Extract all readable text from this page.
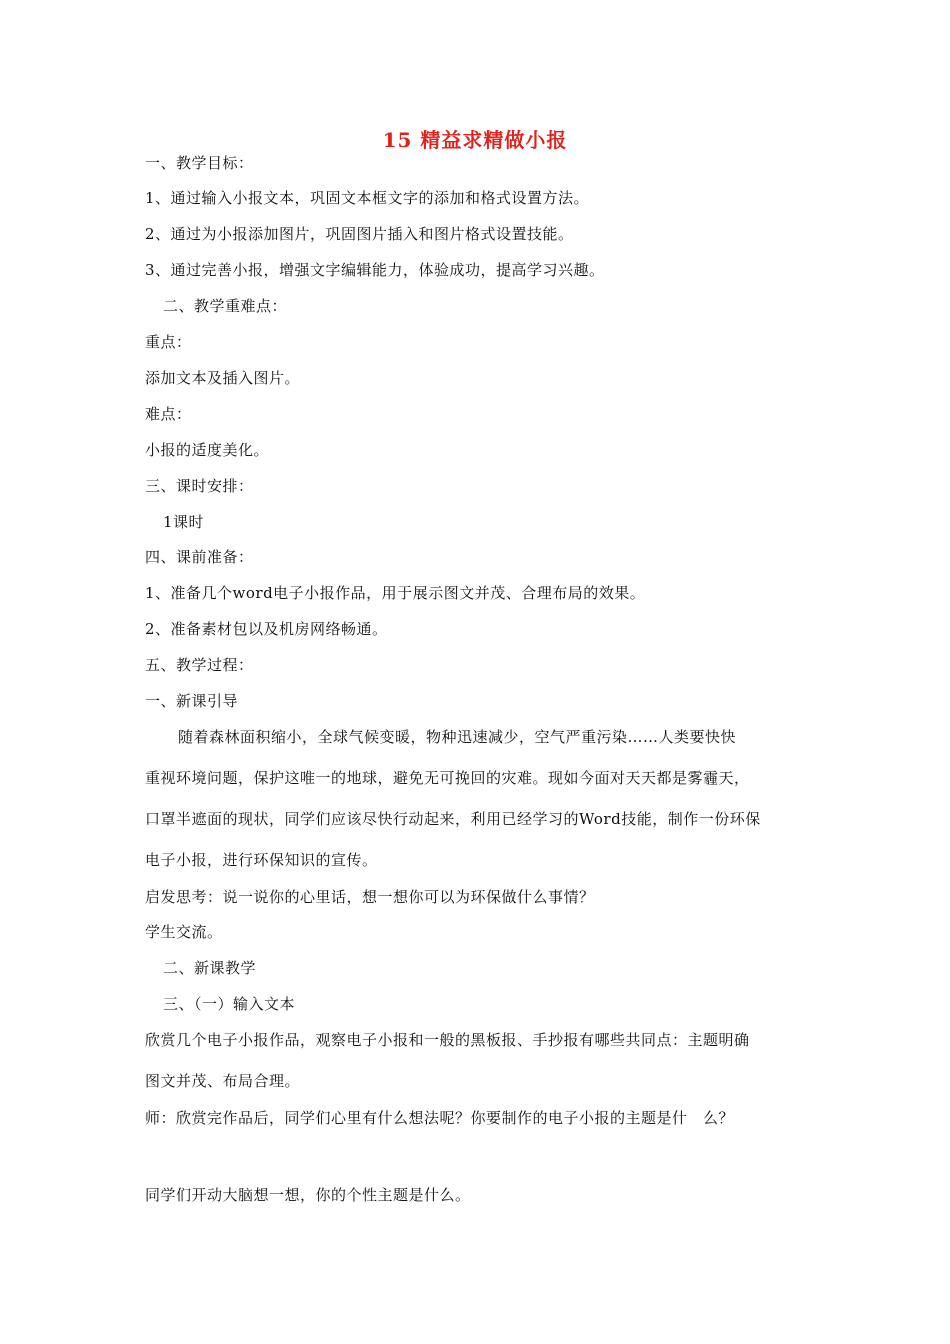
15 精益求精做小报
一、教学目标：
1、通过输入小报文本，巩固文本框文字的添加和格式设置方法。
2、通过为小报添加图片，巩固图片插入和图片格式设置技能。
3、通过完善小报，增强文字编辑能力，体验成功，提高学习兴趣。
二、教学重难点：
重点：
添加文本及插入图片。
难点：
小报的适度美化。
三、课时安排：
1课时
四、课前准备：
1、准备几个word电子小报作品，用于展示图文并茂、合理布局的效果。
2、准备素材包以及机房网络畅通。
五、教学过程：
一、新课引导
随着森林面积缩小，全球气候变暖，物种迅速减少，空气严重污染……人类要快快
重视环境问题，保护这唯一的地球，避免无可挽回的灾难。现如今面对天天都是雾霾天，
口罩半遮面的现状，同学们应该尽快行动起来，利用已经学习的Word技能，制作一份环保
电子小报，进行环保知识的宣传。
启发思考：说一说你的心里话，想一想你可以为环保做什么事情？
学生交流。
二、新课教学
三、（一）输入文本
欣赏几个电子小报作品，观察电子小报和一般的黑板报、手抄报有哪些共同点：主题明确
图文并茂、布局合理。
师：欣赏完作品后，同学们心里有什么想法呢？你要制作的电子小报的主题是什　么？
同学们开动大脑想一想，你的个性主题是什么。
